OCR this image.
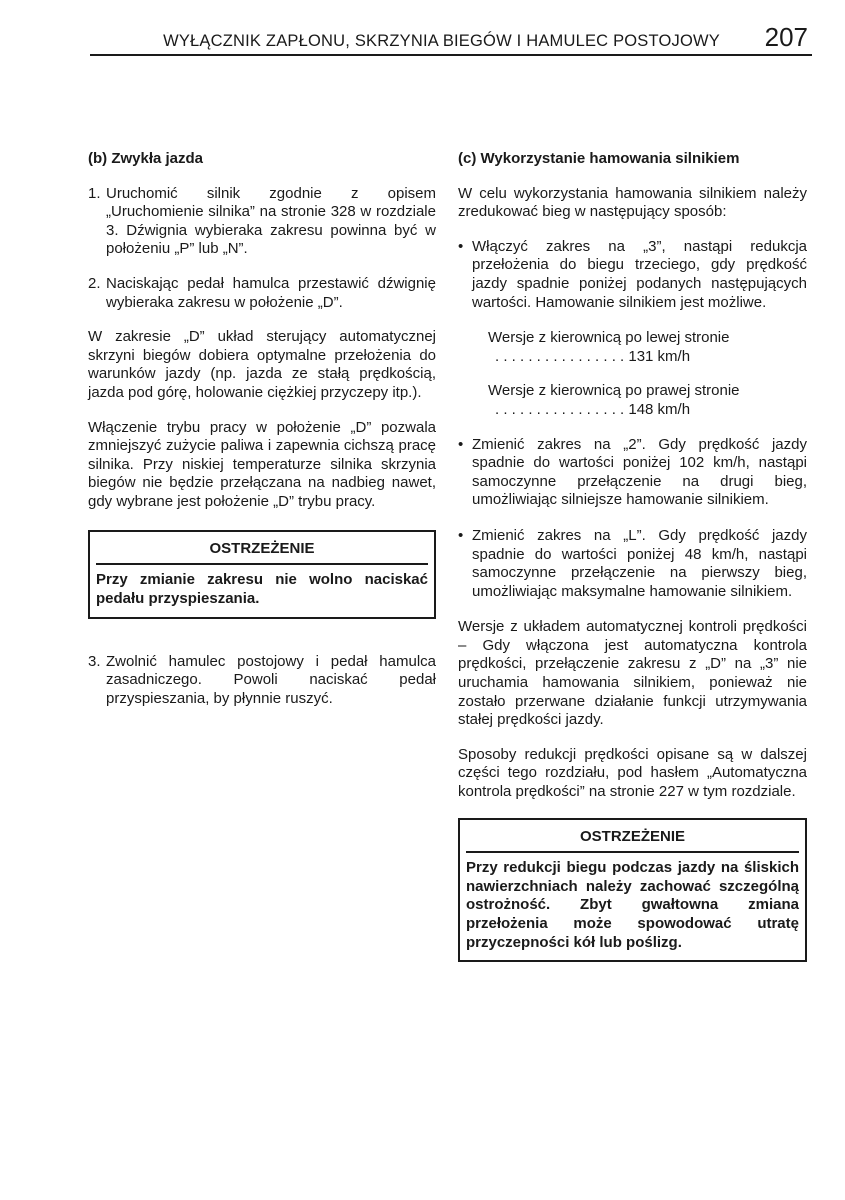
WYŁĄCZNIK ZAPŁONU, SKRZYNIA BIEGÓW I HAMULEC POSTOJOWY 207
(b) Zwykła jazda
1. Uruchomić silnik zgodnie z opisem „Uruchomienie silnika” na stronie 328 w rozdziale 3. Dźwignia wybieraka zakresu powinna być w położeniu „P” lub „N”.
2. Naciskając pedał hamulca przestawić dźwignię wybieraka zakresu w położenie „D”.

W zakresie „D” układ sterujący automatycznej skrzyni biegów dobiera optymalne przełożenia do warunków jazdy (np. jazda ze stałą prędkością, jazda pod górę, holowanie ciężkiej przyczepy itp.).

Włączenie trybu pracy w położenie „D” pozwala zmniejszyć zużycie paliwa i zapewnia cichszą pracę silnika. Przy niskiej temperaturze silnika skrzynia biegów nie będzie przełączana na nadbieg nawet, gdy wybrane jest położenie „D” trybu pracy.

OSTRZEŻENIE
Przy zmianie zakresu nie wolno naciskać pedału przyspieszania.
3. Zwolnić hamulec postojowy i pedał hamulca zasadniczego. Powoli naciskać pedał przyspieszania, by płynnie ruszyć.
(c) Wykorzystanie hamowania silnikiem

W celu wykorzystania hamowania silnikiem należy zredukować bieg w następujący sposób:

• Włączyć zakres na „3”, nastąpi redukcja przełożenia do biegu trzeciego, gdy prędkość jazdy spadnie poniżej podanych następujących wartości. Hamowanie silnikiem jest możliwe.
Wersje z kierownicą po lewej stronie
. . . . . . . . . . . . . . . . 131 km/h
Wersje z kierownicą po prawej stronie
. . . . . . . . . . . . . . . . 148 km/h
• Zmienić zakres na „2”. Gdy prędkość jazdy spadnie do wartości poniżej 102 km/h, nastąpi samoczynne przełączenie na drugi bieg, umożliwiając silniejsze hamowanie silnikiem.
• Zmienić zakres na „L”. Gdy prędkość jazdy spadnie do wartości poniżej 48 km/h, nastąpi samoczynne przełączenie na pierwszy bieg, umożliwiając maksymalne hamowanie silnikiem.

Wersje z układem automatycznej kontroli prędkości – Gdy włączona jest automatyczna kontrola prędkości, przełączenie zakresu z „D” na „3” nie uruchamia hamowania silnikiem, ponieważ nie zostało przerwane działanie funkcji utrzymywania stałej prędkości jazdy.

Sposoby redukcji prędkości opisane są w dalszej części tego rozdziału, pod hasłem „Automatyczna kontrola prędkości” na stronie 227 w tym rozdziale.

OSTRZEŻENIE
Przy redukcji biegu podczas jazdy na śliskich nawierzchniach należy zachować szczególną ostrożność. Zbyt gwałtowna zmiana przełożenia może spowodować utratę przyczepności kół lub poślizg.
